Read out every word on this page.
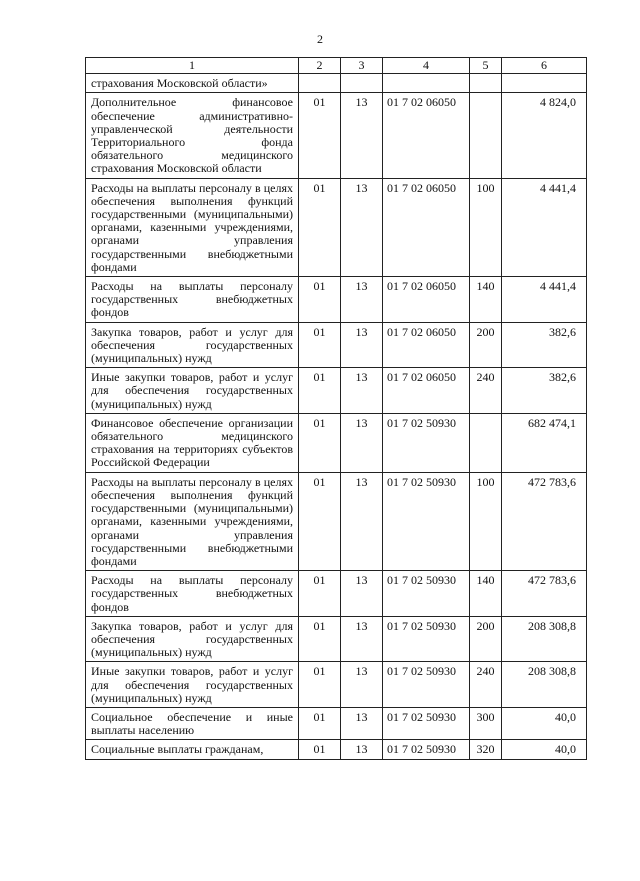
2
1	2	3	4	5	6
страхования Московской области»					
Дополнительное финансовое обеспечение административно-управленческой деятельности Территориального фонда обязательного медицинского страхования Московской области	01	13	01 7 02 06050		4 824,0
Расходы на выплаты персоналу в целях обеспечения выполнения функций государственными (муниципальными) органами, казенными учреждениями, органами управления государственными внебюджетными фондами	01	13	01 7 02 06050	100	4 441,4
Расходы на выплаты персоналу государственных внебюджетных фондов	01	13	01 7 02 06050	140	4 441,4
Закупка товаров, работ и услуг для обеспечения государственных (муниципальных) нужд	01	13	01 7 02 06050	200	382,6
Иные закупки товаров, работ и услуг для обеспечения государственных (муниципальных) нужд	01	13	01 7 02 06050	240	382,6
Финансовое обеспечение организации обязательного медицинского страхования на территориях субъектов Российской Федерации	01	13	01 7 02 50930		682 474,1
Расходы на выплаты персоналу в целях обеспечения выполнения функций государственными (муниципальными) органами, казенными учреждениями, органами управления государственными внебюджетными фондами	01	13	01 7 02 50930	100	472 783,6
Расходы на выплаты персоналу государственных внебюджетных фондов	01	13	01 7 02 50930	140	472 783,6
Закупка товаров, работ и услуг для обеспечения государственных (муниципальных) нужд	01	13	01 7 02 50930	200	208 308,8
Иные закупки товаров, работ и услуг для обеспечения государственных (муниципальных) нужд	01	13	01 7 02 50930	240	208 308,8
Социальное обеспечение и иные выплаты населению	01	13	01 7 02 50930	300	40,0
Социальные выплаты гражданам,	01	13	01 7 02 50930	320	40,0
